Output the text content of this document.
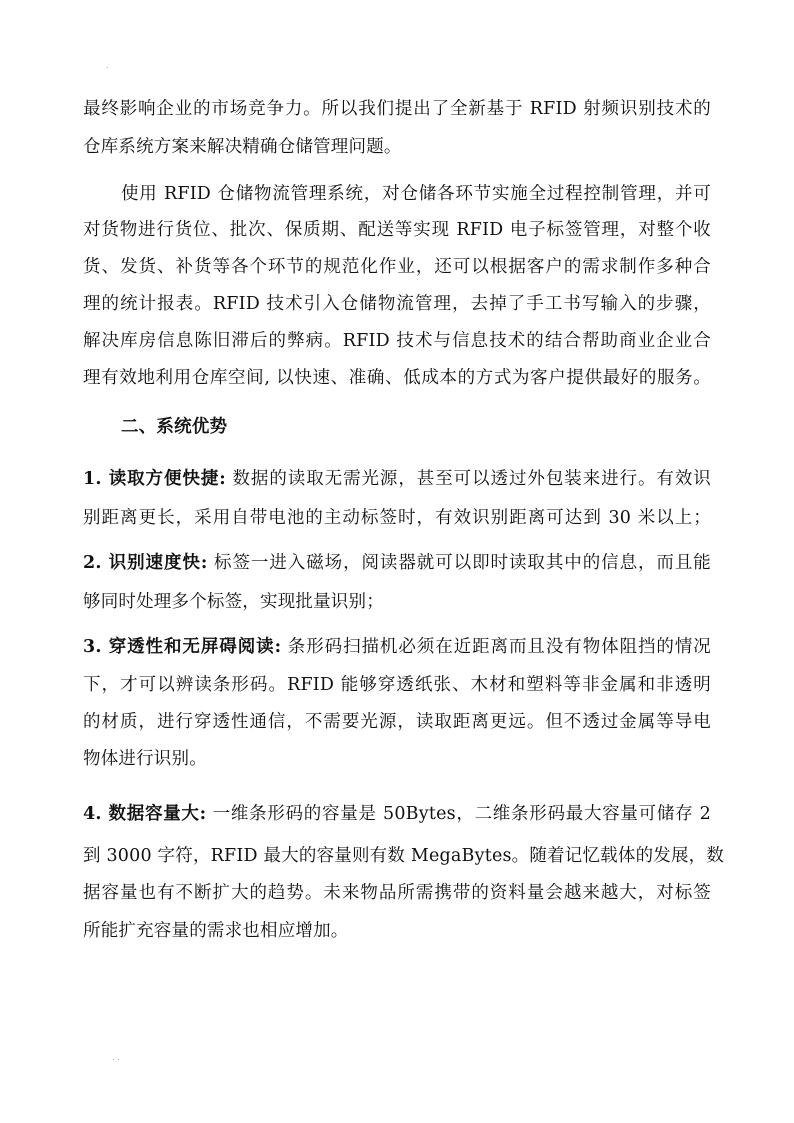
.
最终影响企业的市场竞争力。所以我们提出了全新基于 RFID 射频识别技术的
仓库系统方案来解决精确仓储管理问题。
使用 RFID 仓储物流管理系统，对仓储各环节实施全过程控制管理，并可
对货物进行货位、批次、保质期、配送等实现 RFID 电子标签管理，对整个收
货、发货、补货等各个环节的规范化作业，还可以根据客户的需求制作多种合
理的统计报表。RFID 技术引入仓储物流管理，去掉了手工书写输入的步骤，
解决库房信息陈旧滞后的弊病。RFID 技术与信息技术的结合帮助商业企业合
理有效地利用仓库空间, 以快速、准确、低成本的方式为客户提供最好的服务。
二、系统优势
1. 读取方便快捷: 数据的读取无需光源，甚至可以透过外包装来进行。有效识
别距离更长，采用自带电池的主动标签时，有效识别距离可达到 30 米以上；
2. 识别速度快: 标签一进入磁场，阅读器就可以即时读取其中的信息，而且能
够同时处理多个标签，实现批量识别；
3. 穿透性和无屏碍阅读: 条形码扫描机必须在近距离而且没有物体阻挡的情况
下，才可以辨读条形码。RFID 能够穿透纸张、木材和塑料等非金属和非透明
的材质，进行穿透性通信，不需要光源，读取距离更远。但不透过金属等导电
物体进行识别。
4. 数据容量大: 一维条形码的容量是 50Bytes，二维条形码最大容量可储存 2
到 3000 字符，RFID 最大的容量则有数 MegaBytes。随着记忆载体的发展，数
据容量也有不断扩大的趋势。未来物品所需携带的资料量会越来越大，对标签
所能扩充容量的需求也相应增加。
. .
